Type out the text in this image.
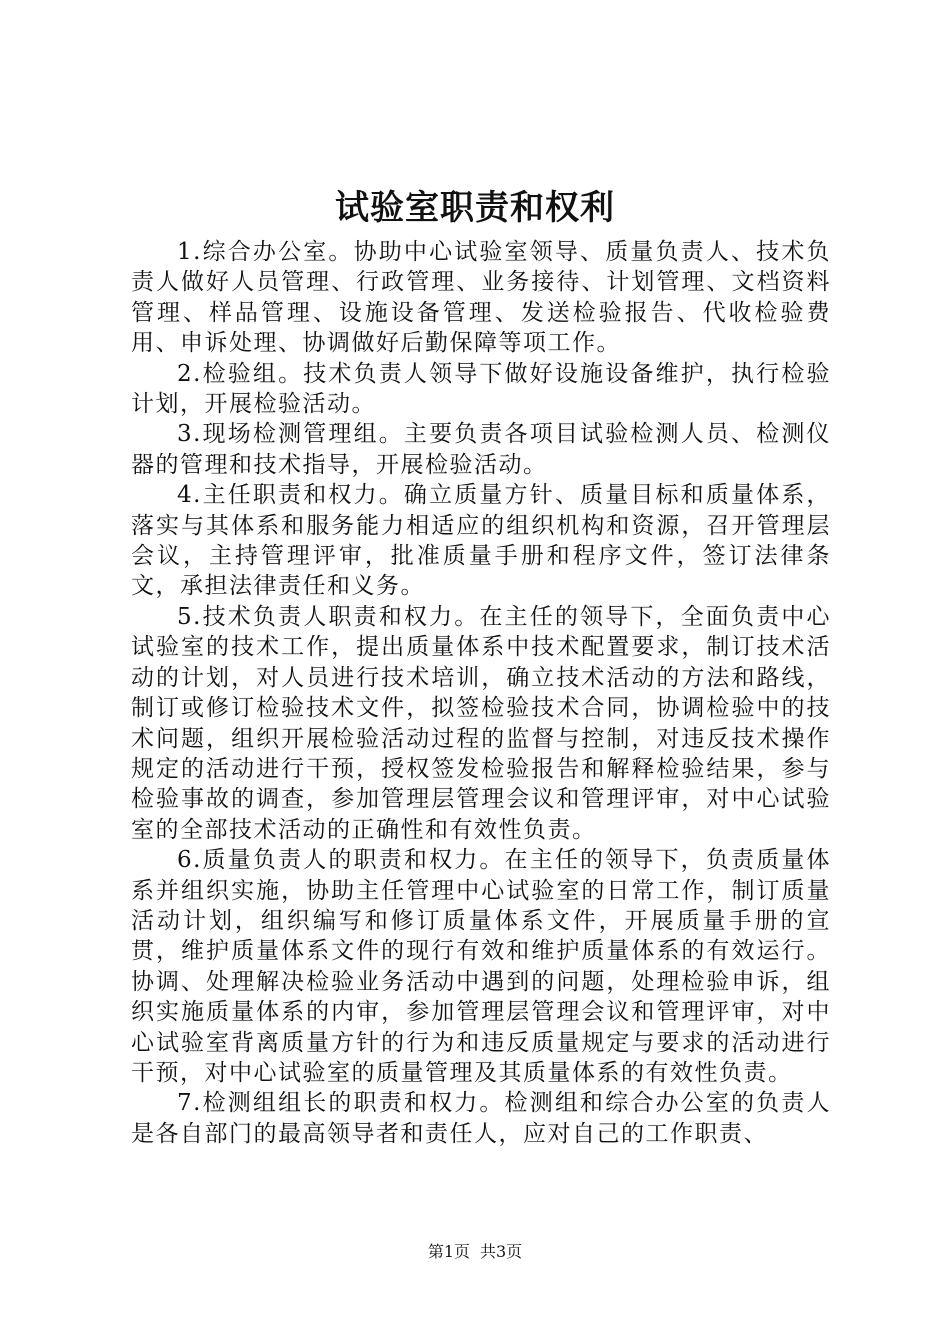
试验室职责和权利

1.综合办公室。协助中心试验室领导、质量负责人、技术负责人做好人员管理、行政管理、业务接待、计划管理、文档资料管理、样品管理、设施设备管理、发送检验报告、代收检验费用、申诉处理、协调做好后勤保障等项工作。

2.检验组。技术负责人领导下做好设施设备维护，执行检验计划，开展检验活动。

3.现场检测管理组。主要负责各项目试验检测人员、检测仪器的管理和技术指导，开展检验活动。

4.主任职责和权力。确立质量方针、质量目标和质量体系，落实与其体系和服务能力相适应的组织机构和资源，召开管理层会议，主持管理评审，批准质量手册和程序文件，签订法律条文，承担法律责任和义务。

5.技术负责人职责和权力。在主任的领导下，全面负责中心试验室的技术工作，提出质量体系中技术配置要求，制订技术活动的计划，对人员进行技术培训，确立技术活动的方法和路线，制订或修订检验技术文件，拟签检验技术合同，协调检验中的技术问题，组织开展检验活动过程的监督与控制，对违反技术操作规定的活动进行干预，授权签发检验报告和解释检验结果，参与检验事故的调查，参加管理层管理会议和管理评审，对中心试验室的全部技术活动的正确性和有效性负责。

6.质量负责人的职责和权力。在主任的领导下，负责质量体系并组织实施，协助主任管理中心试验室的日常工作，制订质量活动计划，组织编写和修订质量体系文件，开展质量手册的宣贯，维护质量体系文件的现行有效和维护质量体系的有效运行。协调、处理解决检验业务活动中遇到的问题，处理检验申诉，组织实施质量体系的内审，参加管理层管理会议和管理评审，对中心试验室背离质量方针的行为和违反质量规定与要求的活动进行干预，对中心试验室的质量管理及其质量体系的有效性负责。

7.检测组组长的职责和权力。检测组和综合办公室的负责人是各自部门的最高领导者和责任人，应对自己的工作职责、

第1页 共3页
